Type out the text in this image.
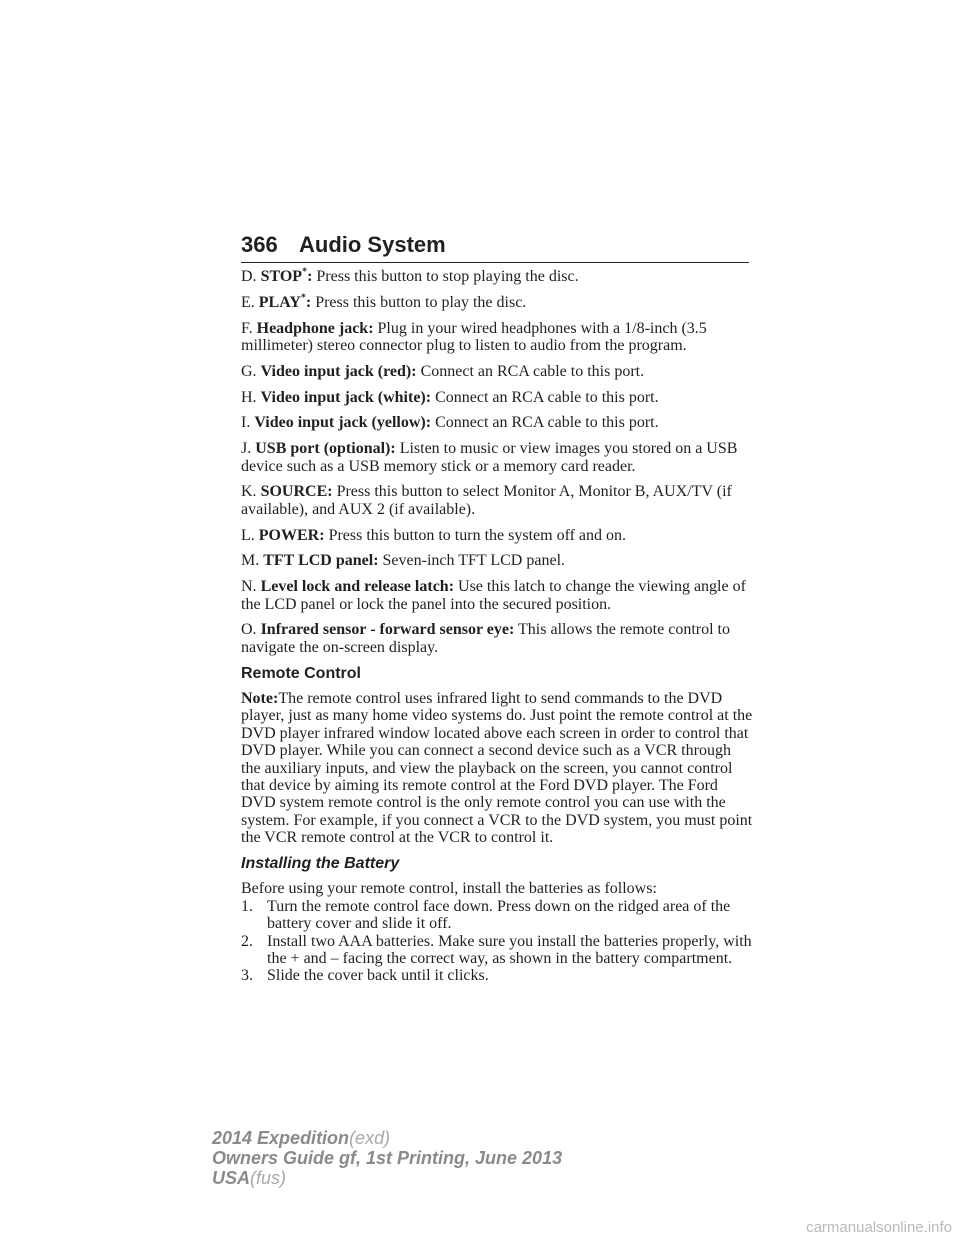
366 Audio System

D. STOP*: Press this button to stop playing the disc.

E. PLAY*: Press this button to play the disc.

F. Headphone jack: Plug in your wired headphones with a 1/8-inch (3.5 millimeter) stereo connector plug to listen to audio from the program.

G. Video input jack (red): Connect an RCA cable to this port.

H. Video input jack (white): Connect an RCA cable to this port.

I. Video input jack (yellow): Connect an RCA cable to this port.

J. USB port (optional): Listen to music or view images you stored on a USB device such as a USB memory stick or a memory card reader.

K. SOURCE: Press this button to select Monitor A, Monitor B, AUX/TV (if available), and AUX 2 (if available).

L. POWER: Press this button to turn the system off and on.

M. TFT LCD panel: Seven-inch TFT LCD panel.

N. Level lock and release latch: Use this latch to change the viewing angle of the LCD panel or lock the panel into the secured position.

O. Infrared sensor - forward sensor eye: This allows the remote control to navigate the on-screen display.

Remote Control

Note:The remote control uses infrared light to send commands to the DVD player, just as many home video systems do. Just point the remote control at the DVD player infrared window located above each screen in order to control that DVD player. While you can connect a second device such as a VCR through the auxiliary inputs, and view the playback on the screen, you cannot control that device by aiming its remote control at the Ford DVD player. The Ford DVD system remote control is the only remote control you can use with the system. For example, if you connect a VCR to the DVD system, you must point the VCR remote control at the VCR to control it.

Installing the Battery
Before using your remote control, install the batteries as follows:
1. Turn the remote control face down. Press down on the ridged area of the battery cover and slide it off.
2. Install two AAA batteries. Make sure you install the batteries properly, with the + and – facing the correct way, as shown in the battery compartment.
3. Slide the cover back until it clicks.
2014 Expedition(exd)
Owners Guide gf, 1st Printing, June 2013
USA(fus)
carmanualsonline.info
